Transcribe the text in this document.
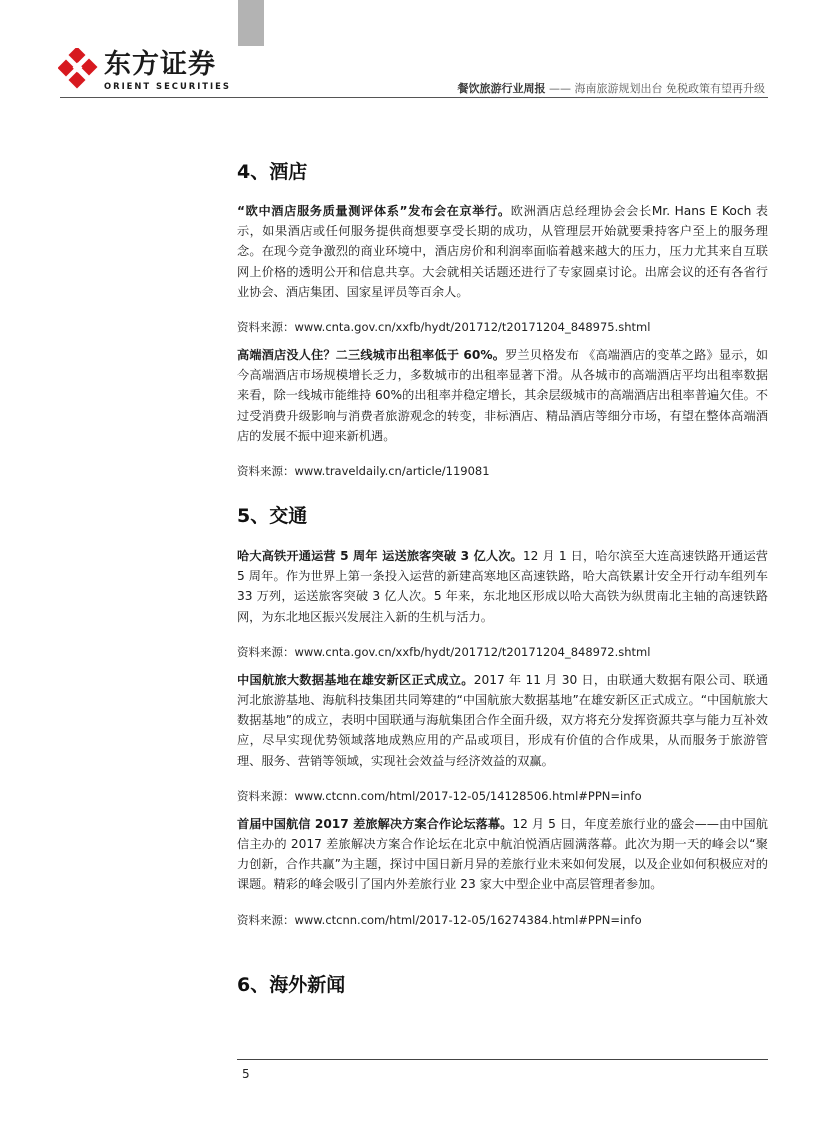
东方证券
ORIENT SECURITIES	餐饮旅游行业周报 —— 海南旅游规划出台 免税政策有望再升级
4、酒店

“欧中酒店服务质量测评体系”发布会在京举行。欧洲酒店总经理协会会长Mr. Hans E Koch 表示，如果酒店或任何服务提供商想要享受长期的成功，从管理层开始就要秉持客户至上的服务理念。在现今竞争激烈的商业环境中，酒店房价和利润率面临着越来越大的压力，压力尤其来自互联网上价格的透明公开和信息共享。大会就相关话题还进行了专家圆桌讨论。出席会议的还有各省行业协会、酒店集团、国家星评员等百余人。

资料来源：www.cnta.gov.cn/xxfb/hydt/201712/t20171204_848975.shtml

高端酒店没人住？二三线城市出租率低于 60%。罗兰贝格发布 《高端酒店的变革之路》显示，如今高端酒店市场规模增长乏力，多数城市的出租率显著下滑。从各城市的高端酒店平均出租率数据来看，除一线城市能维持 60%的出租率并稳定增长，其余层级城市的高端酒店出租率普遍欠佳。不过受消费升级影响与消费者旅游观念的转变，非标酒店、精品酒店等细分市场，有望在整体高端酒店的发展不振中迎来新机遇。

资料来源：www.traveldaily.cn/article/119081

5、交通

哈大高铁开通运营 5 周年 运送旅客突破 3 亿人次。12 月 1 日，哈尔滨至大连高速铁路开通运营 5 周年。作为世界上第一条投入运营的新建高寒地区高速铁路，哈大高铁累计安全开行动车组列车 33 万列，运送旅客突破 3 亿人次。5 年来，东北地区形成以哈大高铁为纵贯南北主轴的高速铁路网，为东北地区振兴发展注入新的生机与活力。

资料来源：www.cnta.gov.cn/xxfb/hydt/201712/t20171204_848972.shtml

中国航旅大数据基地在雄安新区正式成立。2017 年 11 月 30 日，由联通大数据有限公司、联通河北旅游基地、海航科技集团共同筹建的“中国航旅大数据基地”在雄安新区正式成立。“中国航旅大数据基地”的成立，表明中国联通与海航集团合作全面升级，双方将充分发挥资源共享与能力互补效应，尽早实现优势领域落地成熟应用的产品或项目，形成有价值的合作成果，从而服务于旅游管理、服务、营销等领域，实现社会效益与经济效益的双赢。

资料来源：www.ctcnn.com/html/2017-12-05/14128506.html#PPN=info

首届中国航信 2017 差旅解决方案合作论坛落幕。12 月 5 日，年度差旅行业的盛会——由中国航信主办的 2017 差旅解决方案合作论坛在北京中航泊悦酒店圆满落幕。此次为期一天的峰会以“聚力创新，合作共赢”为主题，探讨中国日新月异的差旅行业未来如何发展，以及企业如何积极应对的课题。精彩的峰会吸引了国内外差旅行业 23 家大中型企业中高层管理者参加。

资料来源：www.ctcnn.com/html/2017-12-05/16274384.html#PPN=info

6、海外新闻
5
